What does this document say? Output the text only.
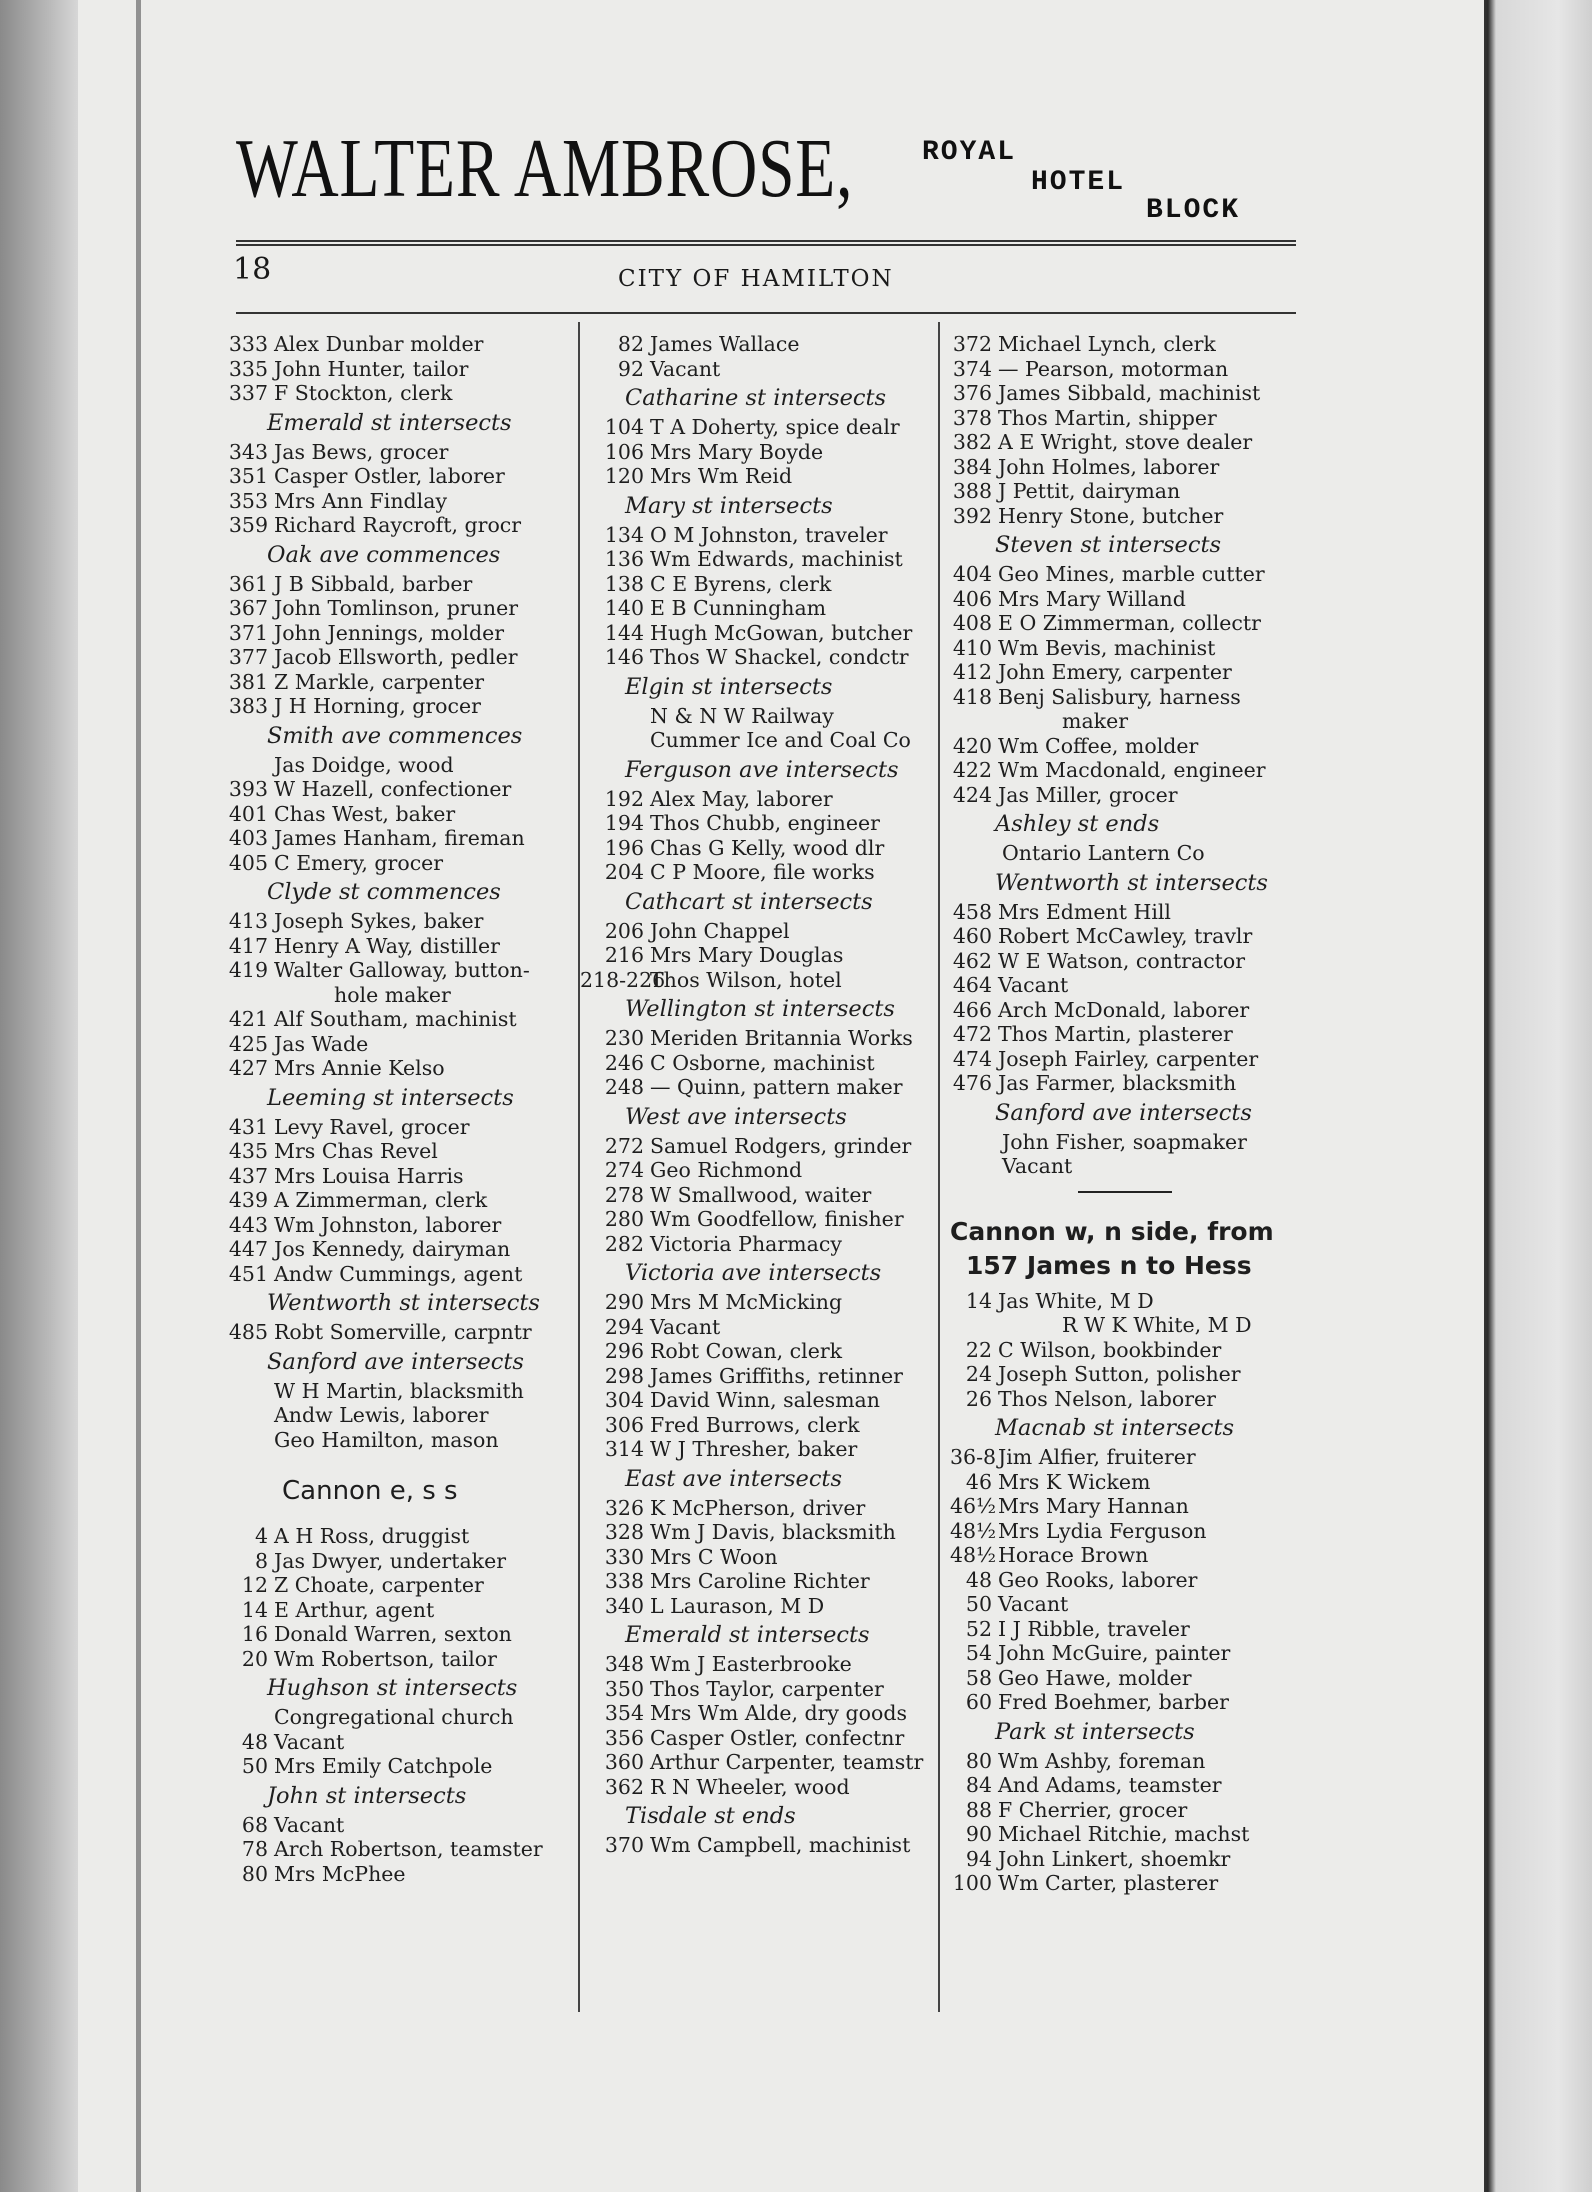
WALTER AMBROSE, ROYAL
HOTEL
BLOCK
18	CITY OF HAMILTON
333 Alex Dunbar molder
335 John Hunter, tailor
337 F Stockton, clerk
Emerald st intersects
343 Jas Bews, grocer
351 Casper Ostler, laborer
353 Mrs Ann Findlay
359 Richard Raycroft, grocr
Oak ave commences
361 J B Sibbald, barber
367 John Tomlinson, pruner
371 John Jennings, molder
377 Jacob Ellsworth, pedler
381 Z Markle, carpenter
383 J H Horning, grocer
Smith ave commences
Jas Doidge, wood
393 W Hazell, confectioner
401 Chas West, baker
403 James Hanham, fireman
405 C Emery, grocer
Clyde st commences
413 Joseph Sykes, baker
417 Henry A Way, distiller
419 Walter Galloway, button-
hole maker
421 Alf Southam, machinist
425 Jas Wade
427 Mrs Annie Kelso
Leeming st intersects
431 Levy Ravel, grocer
435 Mrs Chas Revel
437 Mrs Louisa Harris
439 A Zimmerman, clerk
443 Wm Johnston, laborer
447 Jos Kennedy, dairyman
451 Andw Cummings, agent
Wentworth st intersects
485 Robt Somerville, carpntr
Sanford ave intersects
W H Martin, blacksmith
Andw Lewis, laborer
Geo Hamilton, mason
Cannon e, s s
4 A H Ross, druggist
8 Jas Dwyer, undertaker
12 Z Choate, carpenter
14 E Arthur, agent
16 Donald Warren, sexton
20 Wm Robertson, tailor
Hughson st intersects
Congregational church
48 Vacant
50 Mrs Emily Catchpole
John st intersects
68 Vacant
78 Arch Robertson, teamster
80 Mrs McPhee
82 James Wallace
92 Vacant
Catharine st intersects
104 T A Doherty, spice dealr
106 Mrs Mary Boyde
120 Mrs Wm Reid
Mary st intersects
134 O M Johnston, traveler
136 Wm Edwards, machinist
138 C E Byrens, clerk
140 E B Cunningham
144 Hugh McGowan, butcher
146 Thos W Shackel, condctr
Elgin st intersects
N & N W Railway
Cummer Ice and Coal Co
Ferguson ave intersects
192 Alex May, laborer
194 Thos Chubb, engineer
196 Chas G Kelly, wood dlr
204 C P Moore, file works
Cathcart st intersects
206 John Chappel
216 Mrs Mary Douglas
218-226
Thos Wilson, hotel
Wellington st intersects
230 Meriden Britannia Works
246 C Osborne, machinist
248 — Quinn, pattern maker
West ave intersects
272 Samuel Rodgers, grinder
274 Geo Richmond
278 W Smallwood, waiter
280 Wm Goodfellow, finisher
282 Victoria Pharmacy
Victoria ave intersects
290 Mrs M McMicking
294 Vacant
296 Robt Cowan, clerk
298 James Griffiths, retinner
304 David Winn, salesman
306 Fred Burrows, clerk
314 W J Thresher, baker
East ave intersects
326 K McPherson, driver
328 Wm J Davis, blacksmith
330 Mrs C Woon
338 Mrs Caroline Richter
340 L Laurason, M D
Emerald st intersects
348 Wm J Easterbrooke
350 Thos Taylor, carpenter
354 Mrs Wm Alde, dry goods
356 Casper Ostler, confectnr
360 Arthur Carpenter, teamstr
362 R N Wheeler, wood
Tisdale st ends
370 Wm Campbell, machinist
372 Michael Lynch, clerk
374 — Pearson, motorman
376 James Sibbald, machinist
378 Thos Martin, shipper
382 A E Wright, stove dealer
384 John Holmes, laborer
388 J Pettit, dairyman
392 Henry Stone, butcher
Steven st intersects
404 Geo Mines, marble cutter
406 Mrs Mary Willand
408 E O Zimmerman, collectr
410 Wm Bevis, machinist
412 John Emery, carpenter
418 Benj Salisbury, harness
maker
420 Wm Coffee, molder
422 Wm Macdonald, engineer
424 Jas Miller, grocer
Ashley st ends
Ontario Lantern Co
Wentworth st intersects
458 Mrs Edment Hill
460 Robert McCawley, travlr
462 W E Watson, contractor
464 Vacant
466 Arch McDonald, laborer
472 Thos Martin, plasterer
474 Joseph Fairley, carpenter
476 Jas Farmer, blacksmith
Sanford ave intersects
John Fisher, soapmaker
Vacant
Cannon w, n side, from
157 James n to Hess
14 Jas White, M D
R W K White, M D
22 C Wilson, bookbinder
24 Joseph Sutton, polisher
26 Thos Nelson, laborer
Macnab st intersects
36-8 Jim Alfier, fruiterer
46 Mrs K Wickem
46½ Mrs Mary Hannan
48½ Mrs Lydia Ferguson
48½ Horace Brown
48 Geo Rooks, laborer
50 Vacant
52 I J Ribble, traveler
54 John McGuire, painter
58 Geo Hawe, molder
60 Fred Boehmer, barber
Park st intersects
80 Wm Ashby, foreman
84 And Adams, teamster
88 F Cherrier, grocer
90 Michael Ritchie, machst
94 John Linkert, shoemkr
100 Wm Carter, plasterer
